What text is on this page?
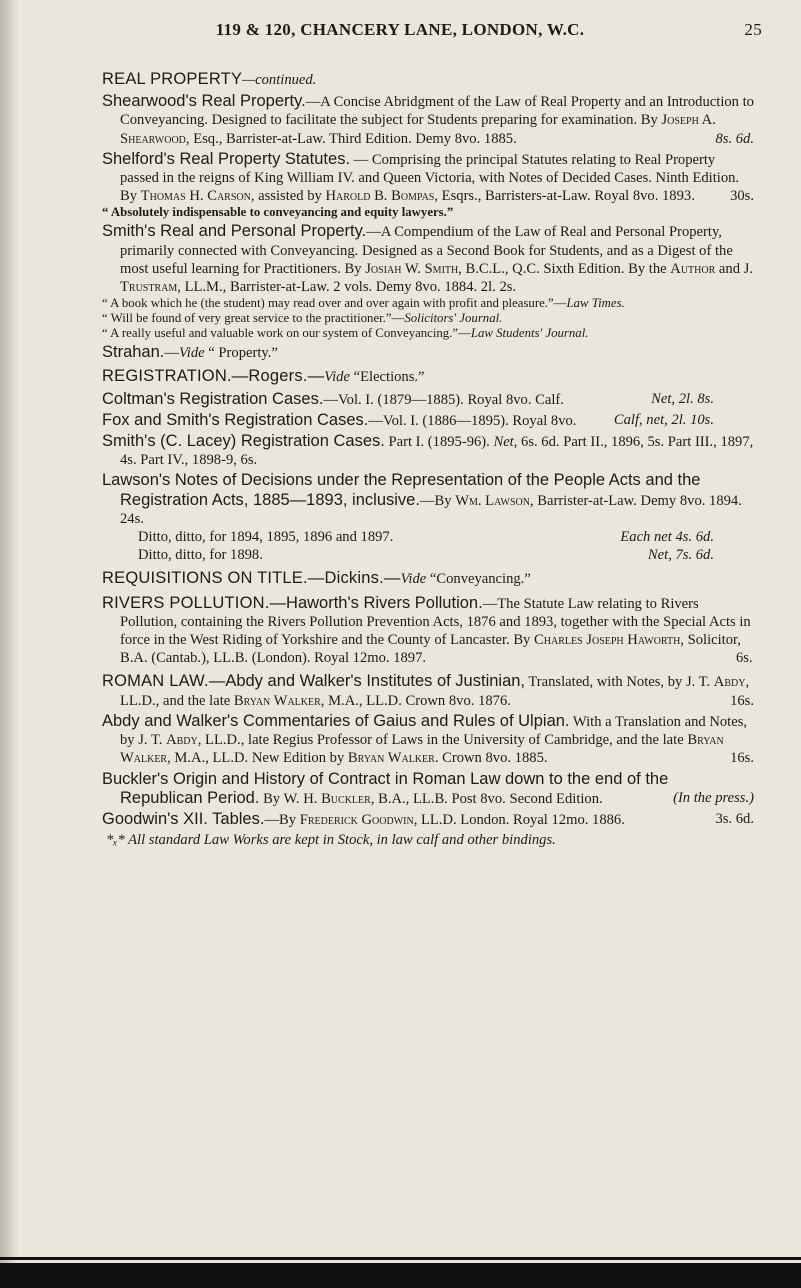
119 & 120, CHANCERY LANE, LONDON, W.C.	25
REAL PROPERTY—continued.
Shearwood's Real Property.—A Concise Abridgment of the Law of Real Property and an Introduction to Conveyancing. Designed to facilitate the subject for Students preparing for examination. By Joseph A. Shearwood, Esq., Barrister-at-Law. Third Edition. Demy 8vo. 1885.	8s. 6d.
Shelford's Real Property Statutes. — Comprising the principal Statutes relating to Real Property passed in the reigns of King William IV. and Queen Victoria, with Notes of Decided Cases. Ninth Edition. By Thomas H. Carson, assisted by Harold B. Bompas, Esqrs., Barristers-at-Law. Royal 8vo. 1893. 30s.
“ Absolutely indispensable to conveyancing and equity lawyers.”
Smith's Real and Personal Property.—A Compendium of the Law of Real and Personal Property, primarily connected with Conveyancing. Designed as a Second Book for Students, and as a Digest of the most useful learning for Practitioners. By Josiah W. Smith, B.C.L., Q.C. Sixth Edition. By the Author and J. Trustram, LL.M., Barrister-at-Law. 2 vols. Demy 8vo. 1884. 2l. 2s.
“ A book which he (the student) may read over and over again with profit and pleasure.”—Law Times.
“ Will be found of very great service to the practitioner.”—Solicitors' Journal.
“ A really useful and valuable work on our system of Conveyancing.”—Law Students' Journal.
Strahan.—Vide “ Property.”
REGISTRATION.—Rogers.—Vide “Elections.”
Coltman's Registration Cases.—Vol. I. (1879—1885). Royal 8vo. Calf.	Net, 2l. 8s.
Fox and Smith's Registration Cases.—Vol. I. (1886—1895). Royal 8vo.	Calf, net, 2l. 10s.
Smith's (C. Lacey) Registration Cases. Part I. (1895-96). Net, 6s. 6d. Part II., 1896, 5s. Part III., 1897, 4s. Part IV., 1898-9, 6s.
Lawson's Notes of Decisions under the Representation of the People Acts and the Registration Acts, 1885—1893, inclusive.—By Wm. Lawson, Barrister-at-Law. Demy 8vo. 1894. 24s.
Ditto, ditto, for 1894, 1895, 1896 and 1897.	Each net 4s. 6d.
Ditto, ditto, for 1898.	Net, 7s. 6d.
REQUISITIONS ON TITLE.—Dickins.—Vide “Conveyancing.”
RIVERS POLLUTION.—Haworth's Rivers Pollution.—The Statute Law relating to Rivers Pollution, containing the Rivers Pollution Prevention Acts, 1876 and 1893, together with the Special Acts in force in the West Riding of Yorkshire and the County of Lancaster. By Charles Joseph Haworth, Solicitor, B.A. (Cantab.), LL.B. (London). Royal 12mo. 1897.	6s.
ROMAN LAW.—Abdy and Walker's Institutes of Justinian, Translated, with Notes, by J. T. Abdy, LL.D., and the late Bryan Walker, M.A., LL.D. Crown 8vo. 1876.	16s.
Abdy and Walker's Commentaries of Gaius and Rules of Ulpian. With a Translation and Notes, by J. T. Abdy, LL.D., late Regius Professor of Laws in the University of Cambridge, and the late Bryan Walker, M.A., LL.D. New Edition by Bryan Walker. Crown 8vo. 1885.	16s.
Buckler's Origin and History of Contract in Roman Law down to the end of the Republican Period. By W. H. Buckler, B.A., LL.B. Post 8vo. Second Edition.	(In the press.)
Goodwin's XII. Tables.—By Frederick Goodwin, LL.D. London. Royal 12mo. 1886.	3s. 6d.
*ₓ* All standard Law Works are kept in Stock, in law calf and other bindings.
